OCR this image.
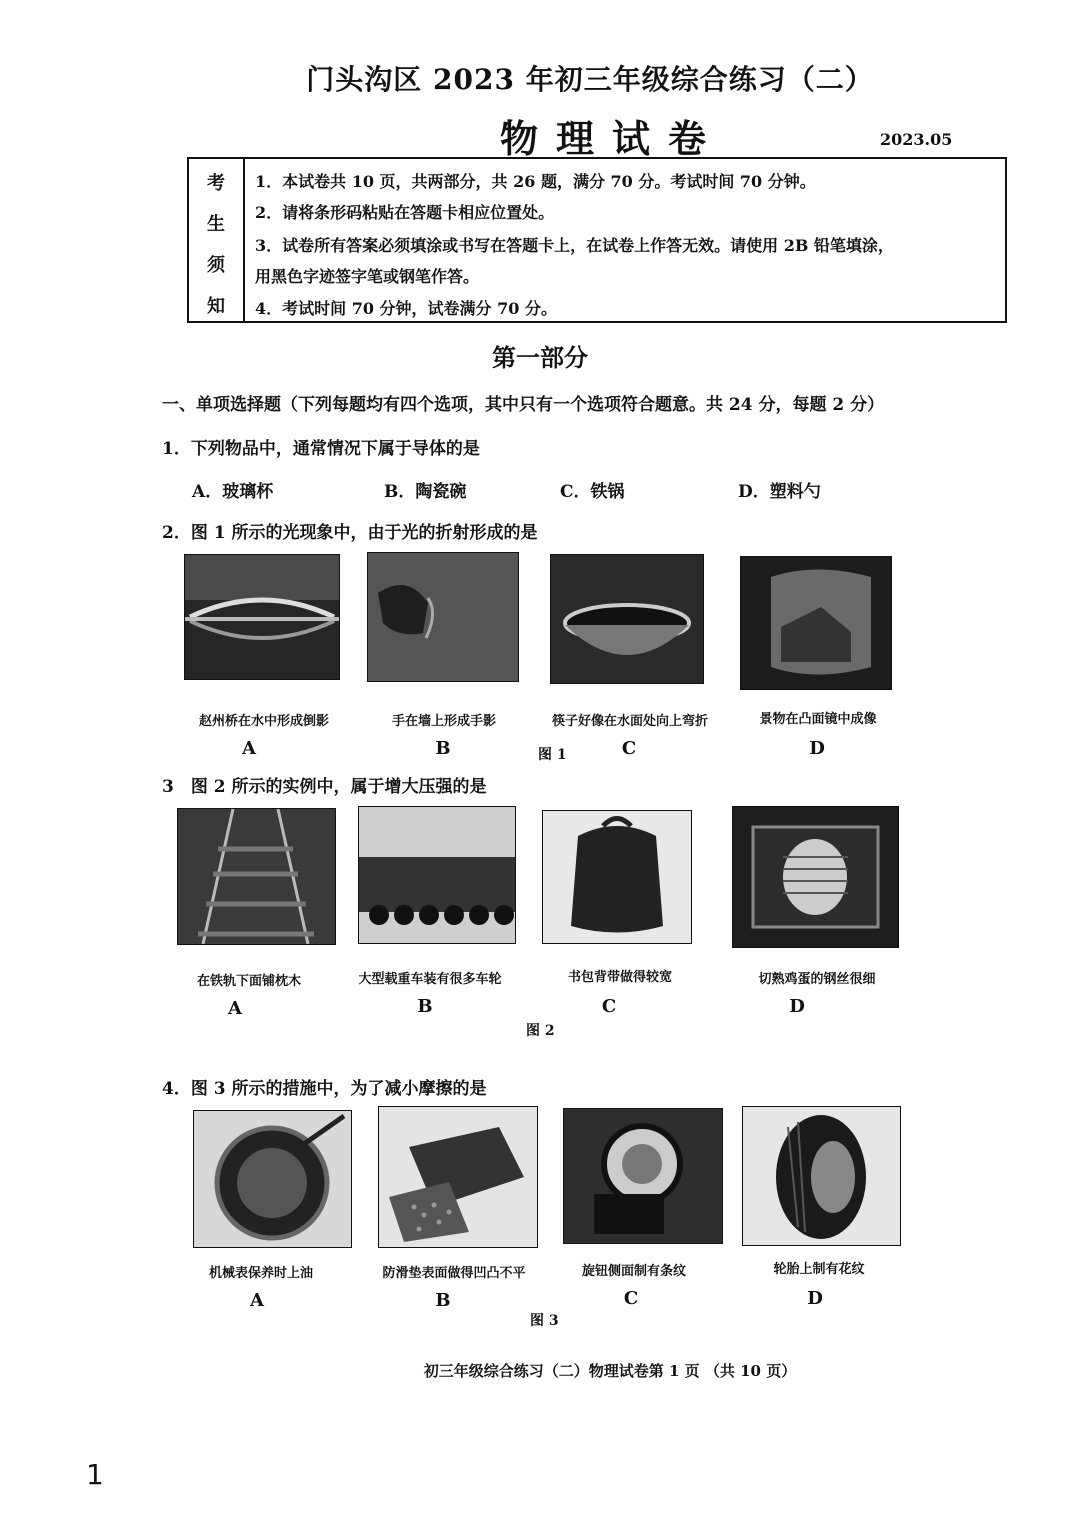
门头沟区 2023 年初三年级综合练习（二）
物理试卷	2023.05
考
生
须
知
1．本试卷共 10 页，共两部分，共 26 题，满分 70 分。考试时间 70 分钟。
2．请将条形码粘贴在答题卡相应位置处。
3．试卷所有答案必须填涂或书写在答题卡上，在试卷上作答无效。请使用 2B 铅笔填涂，
用黑色字迹签字笔或钢笔作答。
4．考试时间 70 分钟，试卷满分 70 分。
第一部分
一、单项选择题（下列每题均有四个选项，其中只有一个选项符合题意。共 24 分，每题 2 分）
1．下列物品中，通常情况下属于导体的是
A．玻璃杯	B．陶瓷碗	C．铁锅	D．塑料勺
2．图 1 所示的光现象中，由于光的折射形成的是
赵州桥在水中形成倒影	手在墙上形成手影	筷子好像在水面处向上弯折	景物在凸面镜中成像
A	B	C	D
图 1
3　图 2 所示的实例中，属于增大压强的是
在铁轨下面铺枕木	大型载重车装有很多车轮	书包背带做得较宽	切熟鸡蛋的钢丝很细
A	B	C	D
图 2
4．图 3 所示的措施中，为了减小摩擦的是
机械表保养时上油	防滑垫表面做得凹凸不平	旋钮侧面制有条纹	轮胎上制有花纹
A	B	C	D
图 3
初三年级综合练习（二）物理试卷第 1 页 （共 10 页）
1
